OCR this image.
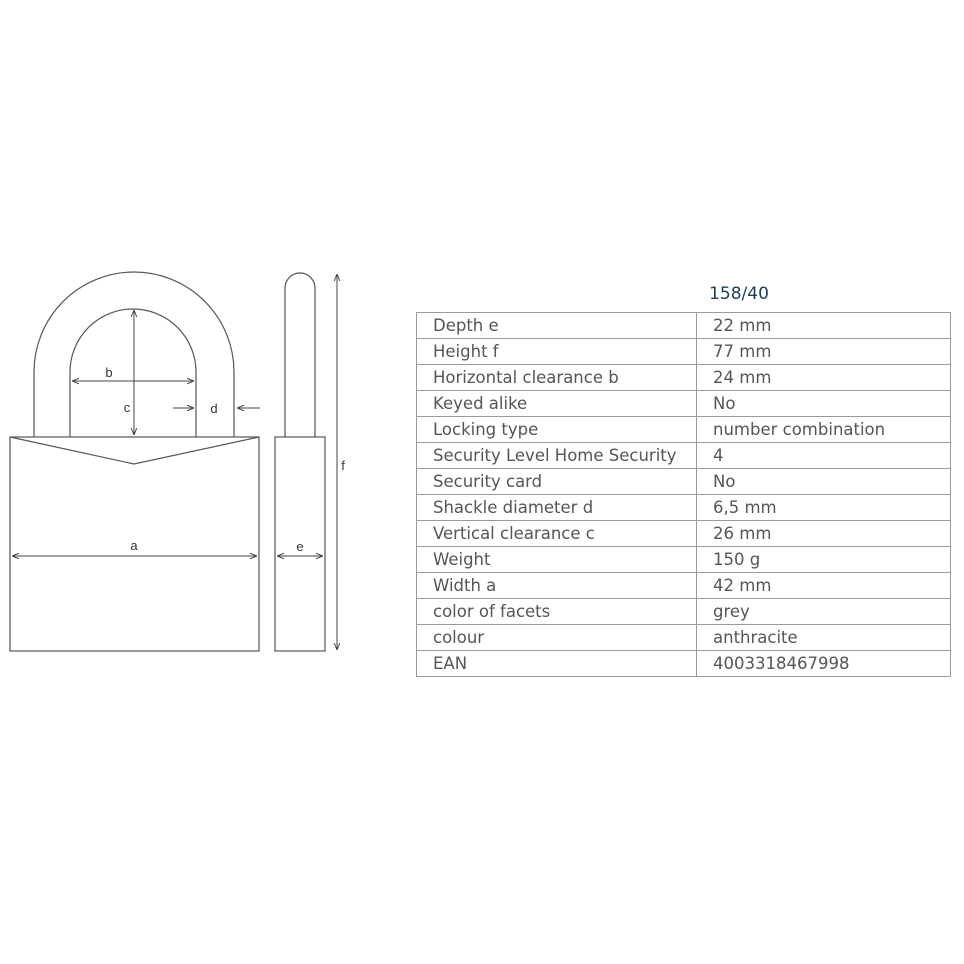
a
b
c	d
e
f
158/40
Depth e	22 mm
Height f	77 mm
Horizontal clearance b	24 mm
Keyed alike	No
Locking type	number combination
Security Level Home Security	4
Security card	No
Shackle diameter d	6,5 mm
Vertical clearance c	26 mm
Weight	150 g
Width a	42 mm
color of facets	grey
colour	anthracite
EAN	4003318467998
